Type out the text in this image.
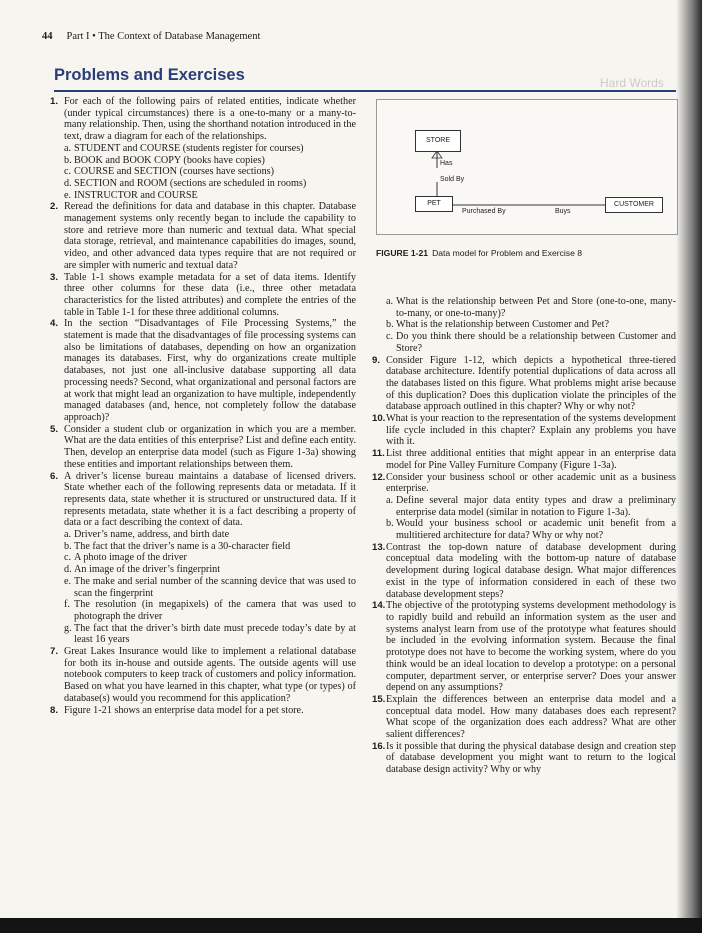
44 Part I • The Context of Database Management
Problems and Exercises	Hard Words
STORE
Has
Sold By
PET
Purchased By	Buys
CUSTOMER
FIGURE 1-21 Data model for Problem and Exercise 8
1. For each of the following pairs of related entities, indicate whether (under typical circumstances) there is a one-to-many or a many-to-many relationship. Then, using the shorthand notation introduced in the text, draw a diagram for each of the relationships.

a. STUDENT and COURSE (students register for courses)

b. BOOK and BOOK COPY (books have copies)

c. COURSE and SECTION (courses have sections)

d. SECTION and ROOM (sections are scheduled in rooms)

e. INSTRUCTOR and COURSE

2. Reread the definitions for data and database in this chapter. Database management systems only recently began to include the capability to store and retrieve more than numeric and textual data. What special data storage, retrieval, and maintenance capabilities do images, sound, video, and other advanced data types require that are not required or are simpler with numeric and textual data?

3. Table 1-1 shows example metadata for a set of data items. Identify three other columns for these data (i.e., three other metadata characteristics for the listed attributes) and complete the entries of the table in Table 1-1 for these three additional columns.

4. In the section “Disadvantages of File Processing Systems,” the statement is made that the disadvantages of file processing systems can also be limitations of databases, depending on how an organization manages its databases. First, why do organizations create multiple databases, not just one all-inclusive database supporting all data processing needs? Second, what organizational and personal factors are at work that might lead an organization to have multiple, independently managed databases (and, hence, not completely follow the database approach)?

5. Consider a student club or organization in which you are a member. What are the data entities of this enterprise? List and define each entity. Then, develop an enterprise data model (such as Figure 1-3a) showing these entities and important relationships between them.

6. A driver’s license bureau maintains a database of licensed drivers. State whether each of the following represents data or metadata. If it represents data, state whether it is structured or unstructured data. If it represents metadata, state whether it is a fact describing a property of data or a fact describing the context of data.

a. Driver’s name, address, and birth date

b. The fact that the driver’s name is a 30-character field

c. A photo image of the driver

d. An image of the driver’s fingerprint

e. The make and serial number of the scanning device that was used to scan the fingerprint

f. The resolution (in megapixels) of the camera that was used to photograph the driver

g. The fact that the driver’s birth date must precede today’s date by at least 16 years

7. Great Lakes Insurance would like to implement a relational database for both its in-house and outside agents. The outside agents will use notebook computers to keep track of customers and policy information. Based on what you have learned in this chapter, what type (or types) of database(s) would you recommend for this application?

8. Figure 1-21 shows an enterprise data model for a pet store.

a. What is the relationship between Pet and Store (one-to-one, many-to-many, or one-to-many)?

b. What is the relationship between Customer and Pet?

c. Do you think there should be a relationship between Customer and Store?

9. Consider Figure 1-12, which depicts a hypothetical three-tiered database architecture. Identify potential duplications of data across all the databases listed on this figure. What problems might arise because of this duplication? Does this duplication violate the principles of the database approach outlined in this chapter? Why or why not?

10. What is your reaction to the representation of the systems development life cycle included in this chapter? Explain any problems you have with it.

11. List three additional entities that might appear in an enterprise data model for Pine Valley Furniture Company (Figure 1-3a).

12. Consider your business school or other academic unit as a business enterprise.

a. Define several major data entity types and draw a preliminary enterprise data model (similar in notation to Figure 1-3a).

b. Would your business school or academic unit benefit from a multitiered architecture for data? Why or why not?

13. Contrast the top-down nature of database development during conceptual data modeling with the bottom-up nature of database development during logical database design. What major differences exist in the type of information considered in each of these two database development steps?

14. The objective of the prototyping systems development methodology is to rapidly build and rebuild an information system as the user and systems analyst learn from use of the prototype what features should be included in the evolving information system. Because the final prototype does not have to become the working system, where do you think would be an ideal location to develop a prototype: on a personal computer, department server, or enterprise server? Does your answer depend on any assumptions?

15. Explain the differences between an enterprise data model and a conceptual data model. How many databases does each represent? What scope of the organization does each address? What are other salient differences?

16. Is it possible that during the physical database design and creation step of database development you might want to return to the logical database design activity? Why or why
